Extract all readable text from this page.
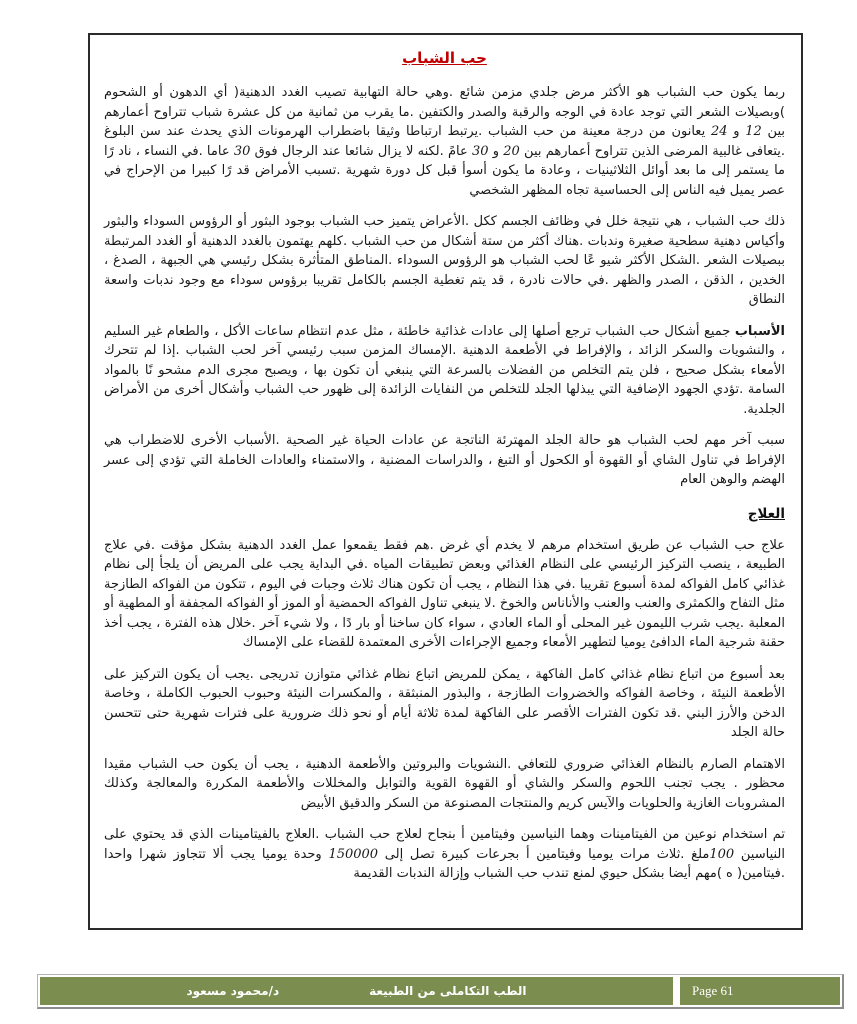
حب الشباب

ربما يكون حب الشباب هو الأكثر مرض جلدي مزمن شائع .وهي حالة التهابية تصيب الغدد الدهنية( أي الدهون أو الشحوم )وبصيلات الشعر التي توجد عادة في الوجه والرقبة والصدر والكتفين .ما يقرب من ثمانية من كل عشرة شباب تتراوح أعمارهم بين 12 و 24 يعانون من درجة معينة من حب الشباب .يرتبط ارتباطا وثيقا باضطراب الهرمونات الذي يحدث عند سن البلوغ .يتعافى غالبية المرضى الذين تتراوح أعمارهم بين 20 و 30 عامً .لكنه لا يزال شائعا عند الرجال فوق 30 عاما .في النساء ، ناد رًا ما يستمر إلى ما بعد أوائل الثلاثينيات ، وعادة ما يكون أسوأ قبل كل دورة شهرية .تسبب الأمراض قد رًا كبيرا من الإحراج في عصر يميل فيه الناس إلى الحساسية تجاه المظهر الشخصي

ذلك حب الشباب ، هي نتيجة خلل في وظائف الجسم ككل .الأعراض يتميز حب الشباب بوجود البثور أو الرؤوس السوداء والبثور وأكياس دهنية سطحية صغيرة وندبات .هناك أكثر من ستة أشكال من حب الشباب .كلهم يهتمون بالغدد الدهنية أو الغدد المرتبطة ببصيلات الشعر .الشكل الأكثر شيو عًا لحب الشباب هو الرؤوس السوداء .المناطق المتأثرة بشكل رئيسي هي الجبهة ، الصدغ ، الخدين ، الذقن ، الصدر والظهر .في حالات نادرة ، قد يتم تغطية الجسم بالكامل تقريبا برؤوس سوداء مع وجود ندبات واسعة النطاق

الأسباب جميع أشكال حب الشباب ترجع أصلها إلى عادات غذائية خاطئة ، مثل عدم انتظام ساعات الأكل ، والطعام غير السليم ، والنشويات والسكر الزائد ، والإفراط في الأطعمة الدهنية .الإمساك المزمن سبب رئيسي آخر لحب الشباب .إذا لم تتحرك الأمعاء بشكل صحيح ، فلن يتم التخلص من الفضلات بالسرعة التي ينبغي أن تكون بها ، ويصبح مجرى الدم مشحو نًا بالمواد السامة .تؤدي الجهود الإضافية التي يبذلها الجلد للتخلص من النفايات الزائدة إلى ظهور حب الشباب وأشكال أخرى من الأمراض الجلدية.

سبب آخر مهم لحب الشباب هو حالة الجلد المهترئة الناتجة عن عادات الحياة غير الصحية .الأسباب الأخرى للاضطراب هي الإفراط في تناول الشاي أو القهوة أو الكحول أو التبغ ، والدراسات المضنية ، والاستمناء والعادات الخاملة التي تؤدي إلى عسر الهضم والوهن العام

العلاج

علاج حب الشباب عن طريق استخدام مرهم لا يخدم أي غرض .هم فقط يقمعوا عمل الغدد الدهنية بشكل مؤقت .في علاج الطبيعة ، ينصب التركيز الرئيسي على النظام الغذائي وبعض تطبيقات المياه .في البداية يجب على المريض أن يلجأ إلى نظام غذائي كامل الفواكه لمدة أسبوع تقريبا .في هذا النظام ، يجب أن تكون هناك ثلاث وجبات في اليوم ، تتكون من الفواكه الطازجة مثل التفاح والكمثرى والعنب والعنب والأناناس والخوخ .لا ينبغي تناول الفواكه الحمضية أو الموز أو الفواكه المجففة أو المطهية أو المعلبة .يجب شرب الليمون غير المحلى أو الماء العادي ، سواء كان ساخنا أو بار دًا ، ولا شيء آخر .خلال هذه الفترة ، يجب أخذ حقنة شرجية الماء الدافئ يوميا لتطهير الأمعاء وجميع الإجراءات الأخرى المعتمدة للقضاء على الإمساك

بعد أسبوع من اتباع نظام غذائي كامل الفاكهة ، يمكن للمريض اتباع نظام غذائي متوازن تدريجى .يجب أن يكون التركيز على الأطعمة النيئة ، وخاصة الفواكه والخضروات الطازجة ، والبذور المنبثقة ، والمكسرات النيئة وحبوب الحبوب الكاملة ، وخاصة الدخن والأرز البني .قد تكون الفترات الأقصر على الفاكهة لمدة ثلاثة أيام أو نحو ذلك ضرورية على فترات شهرية حتى تتحسن حالة الجلد

الاهتمام الصارم بالنظام الغذائي ضروري للتعافي .النشويات والبروتين والأطعمة الدهنية ، يجب أن يكون حب الشباب مقيدا محظور . يجب تجنب اللحوم والسكر والشاي أو القهوة القوية والتوابل والمخللات والأطعمة المكررة والمعالجة وكذلك المشروبات الغازية والحلويات والآيس كريم والمنتجات المصنوعة من السكر والدقيق الأبيض

تم استخدام نوعين من الفيتامينات وهما النياسين وفيتامين أ بنجاح لعلاج حب الشباب .العلاج بالفيتامينات الذي قد يحتوي على النياسين 100ملغ .ثلاث مرات يوميا وفيتامين أ بجرعات كبيرة تصل إلى 150000 وحدة يوميا يجب ألا تتجاوز شهرا واحدا .فيتامين( ه )مهم أيضا بشكل حيوي لمنع تندب حب الشباب وإزالة الندبات القديمة

الطب التكاملى من الطبيعة
د/محمود مسعود	Page 61
